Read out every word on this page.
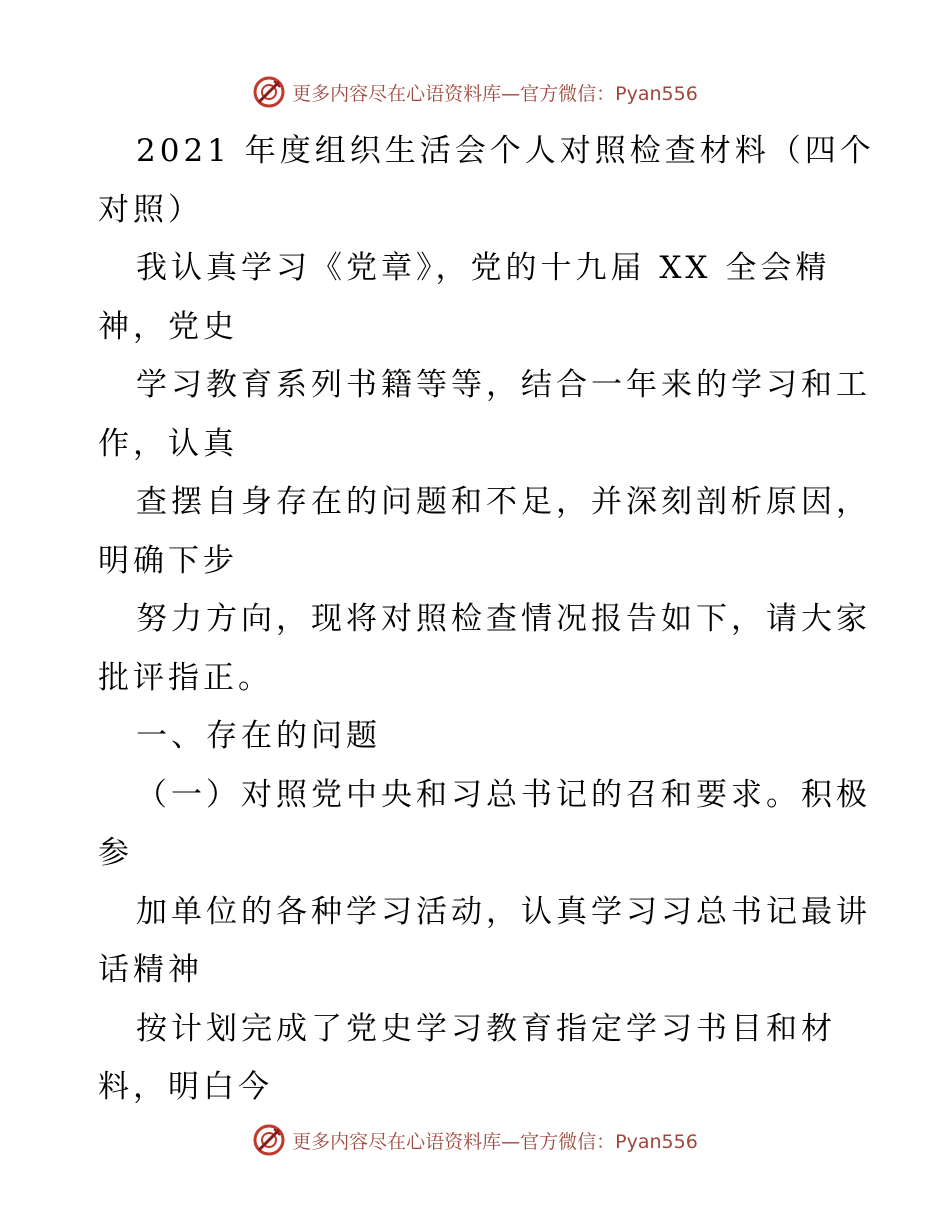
更多内容尽在心语资料库—官方微信：Pyan556
2021 年度组织生活会个人对照检查材料（四个
对照）
我认真学习《党章》，党的十九届 XX 全会精
神，党史
学习教育系列书籍等等，结合一年来的学习和工
作，认真
查摆自身存在的问题和不足，并深刻剖析原因，
明确下步
努力方向，现将对照检查情况报告如下，请大家
批评指正。
一、存在的问题
（一）对照党中央和习总书记的召和要求。积极
参
加单位的各种学习活动，认真学习习总书记最讲
话精神
按计划完成了党史学习教育指定学习书目和材
料，明白今
更多内容尽在心语资料库—官方微信：Pyan556
